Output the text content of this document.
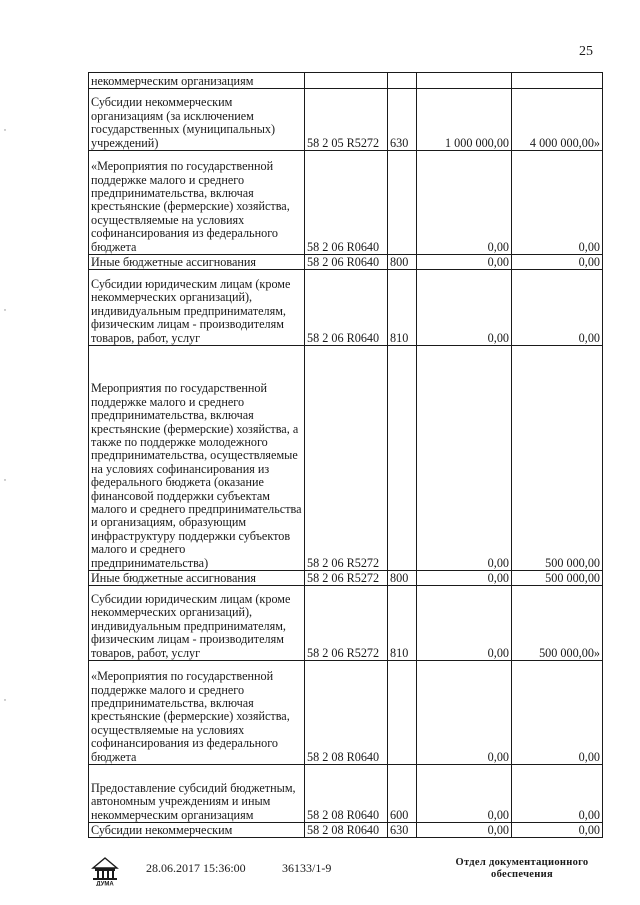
25
некоммерческим организациям				
Субсидии некоммерческим организациям (за исключением государственных (муниципальных) учреждений)	58 2 05 R5272	630	1 000 000,00	4 000 000,00»
«Мероприятия по государственной поддержке малого и среднего предпринимательства, включая крестьянские (фермерские) хозяйства, осуществляемые на условиях софинансирования из федерального бюджета	58 2 06 R0640		0,00	0,00
Иные бюджетные ассигнования	58 2 06 R0640	800	0,00	0,00
Субсидии юридическим лицам (кроме некоммерческих организаций), индивидуальным предпринимателям, физическим лицам - производителям товаров, работ, услуг	58 2 06 R0640	810	0,00	0,00
Мероприятия по государственной поддержке малого и среднего предпринимательства, включая крестьянские (фермерские) хозяйства, а также по поддержке молодежного предпринимательства, осуществляемые на условиях софинансирования из федерального бюджета (оказание финансовой поддержки субъектам малого и среднего предпринимательства и организациям, образующим инфраструктуру поддержки субъектов малого и среднего предпринимательства)	58 2 06 R5272		0,00	500 000,00
Иные бюджетные ассигнования	58 2 06 R5272	800	0,00	500 000,00
Субсидии юридическим лицам (кроме некоммерческих организаций), индивидуальным предпринимателям, физическим лицам - производителям товаров, работ, услуг	58 2 06 R5272	810	0,00	500 000,00»
«Мероприятия по государственной поддержке малого и среднего предпринимательства, включая крестьянские (фермерские) хозяйства, осуществляемые на условиях софинансирования из федерального бюджета	58 2 08 R0640		0,00	0,00
Предоставление субсидий бюджетным, автономным учреждениям и иным некоммерческим организациям	58 2 08 R0640	600	0,00	0,00
Субсидии некоммерческим	58 2 08 R0640	630	0,00	0,00
ДУМА
28.06.2017 15:36:00	36133/1-9	Отдел документационного обеспечения
